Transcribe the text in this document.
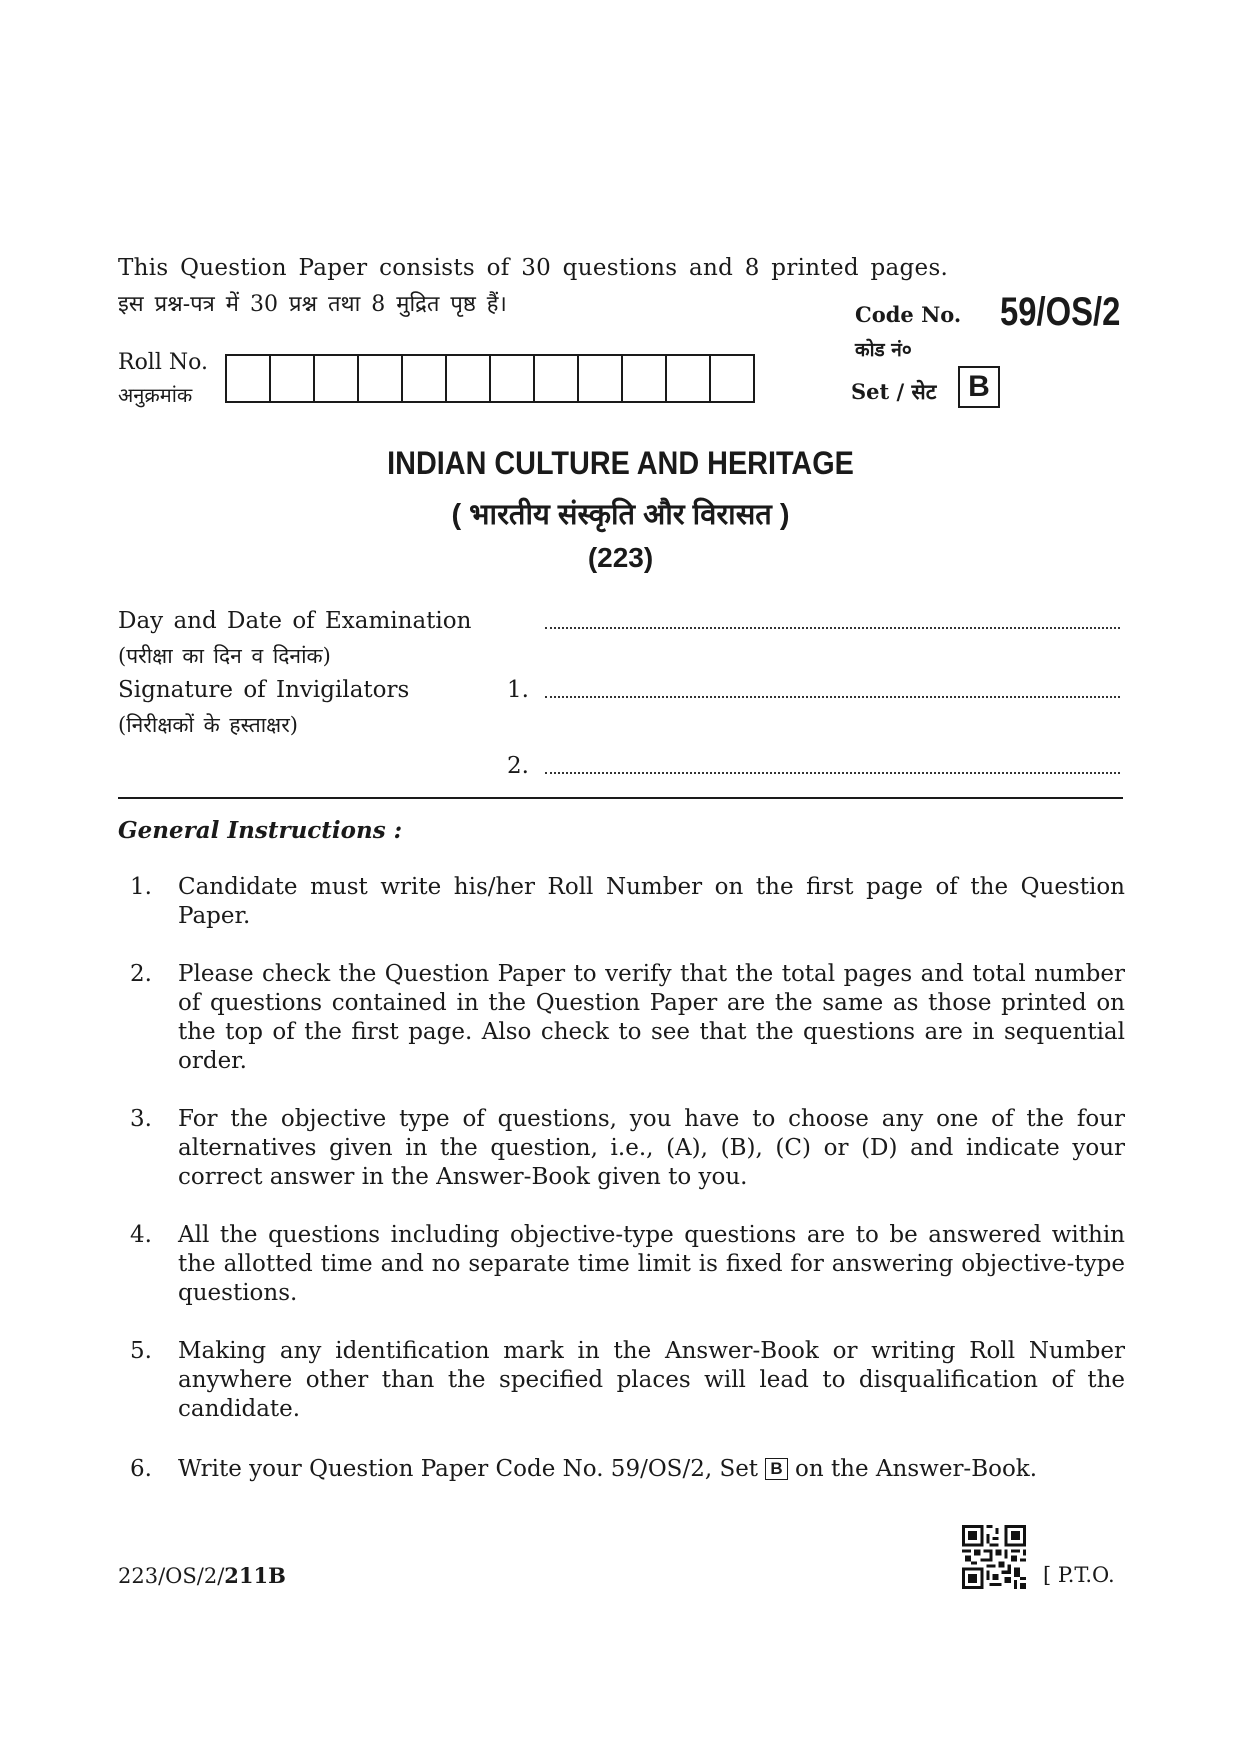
This Question Paper consists of 30 questions and 8 printed pages.
इस प्रश्न-पत्र में 30 प्रश्न तथा 8 मुद्रित पृष्ठ हैं।	Code No. 59/OS/2
कोड नं०
Set / सेट	B
Roll No.
अनुक्रमांक
INDIAN CULTURE AND HERITAGE
( भारतीय संस्कृति और विरासत )
(223)
Day and Date of Examination
(परीक्षा का दिन व दिनांक)
Signature of Invigilators
(निरीक्षकों के हस्ताक्षर)
1.
2.
General Instructions :
1.	Candidate must write his/her Roll Number on the first page of the Question Paper.
2.	Please check the Question Paper to verify that the total pages and total number of questions contained in the Question Paper are the same as those printed on the top of the first page. Also check to see that the questions are in sequential order.
3.	For the objective type of questions, you have to choose any one of the four alternatives given in the question, i.e., (A), (B), (C) or (D) and indicate your correct answer in the Answer-Book given to you.
4.	All the questions including objective-type questions are to be answered within the allotted time and no separate time limit is fixed for answering objective-type questions.
5.	Making any identification mark in the Answer-Book or writing Roll Number anywhere other than the specified places will lead to disqualification of the candidate.
6.	Write your Question Paper Code No. 59/OS/2, Set B on the Answer-Book.
223/OS/2/211B	[ P.T.O.
